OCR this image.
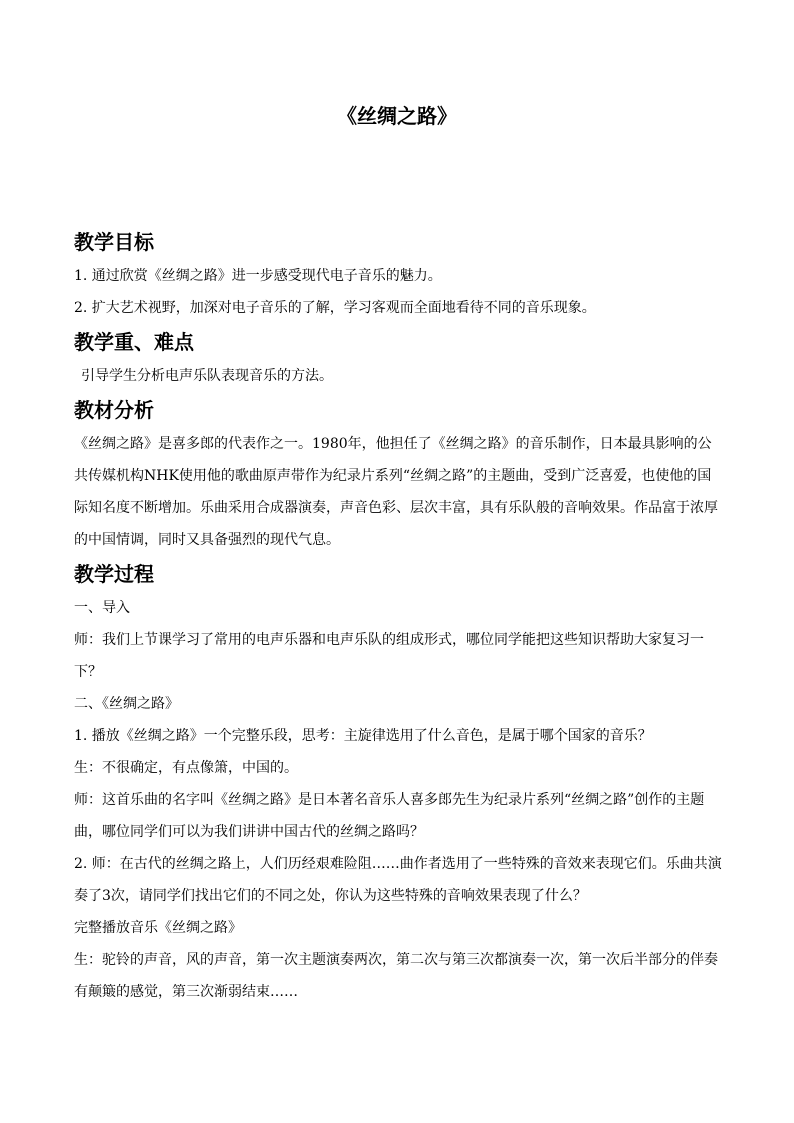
《丝绸之路》
教学目标

1. 通过欣赏《丝绸之路》进一步感受现代电子音乐的魅力。

2. 扩大艺术视野，加深对电子音乐的了解，学习客观而全面地看待不同的音乐现象。

教学重、难点

引导学生分析电声乐队表现音乐的方法。

教材分析

《丝绸之路》是喜多郎的代表作之一。1980年，他担任了《丝绸之路》的音乐制作，日本最具影响的公共传媒机构NHK使用他的歌曲原声带作为纪录片系列“丝绸之路”的主题曲，受到广泛喜爱，也使他的国际知名度不断增加。乐曲采用合成器演奏，声音色彩、层次丰富，具有乐队般的音响效果。作品富于浓厚的中国情调，同时又具备强烈的现代气息。

教学过程

一、导入

师：我们上节课学习了常用的电声乐器和电声乐队的组成形式，哪位同学能把这些知识帮助大家复习一下？

二、《丝绸之路》

1. 播放《丝绸之路》一个完整乐段，思考：主旋律选用了什么音色，是属于哪个国家的音乐？

生：不很确定，有点像箫，中国的。

师：这首乐曲的名字叫《丝绸之路》是日本著名音乐人喜多郎先生为纪录片系列“丝绸之路”创作的主题曲，哪位同学们可以为我们讲讲中国古代的丝绸之路吗？

2. 师：在古代的丝绸之路上，人们历经艰难险阻……曲作者选用了一些特殊的音效来表现它们。乐曲共演奏了3次，请同学们找出它们的不同之处，你认为这些特殊的音响效果表现了什么？

完整播放音乐《丝绸之路》

生：驼铃的声音，风的声音，第一次主题演奏两次，第二次与第三次都演奏一次，第一次后半部分的伴奏有颠簸的感觉，第三次渐弱结束……
